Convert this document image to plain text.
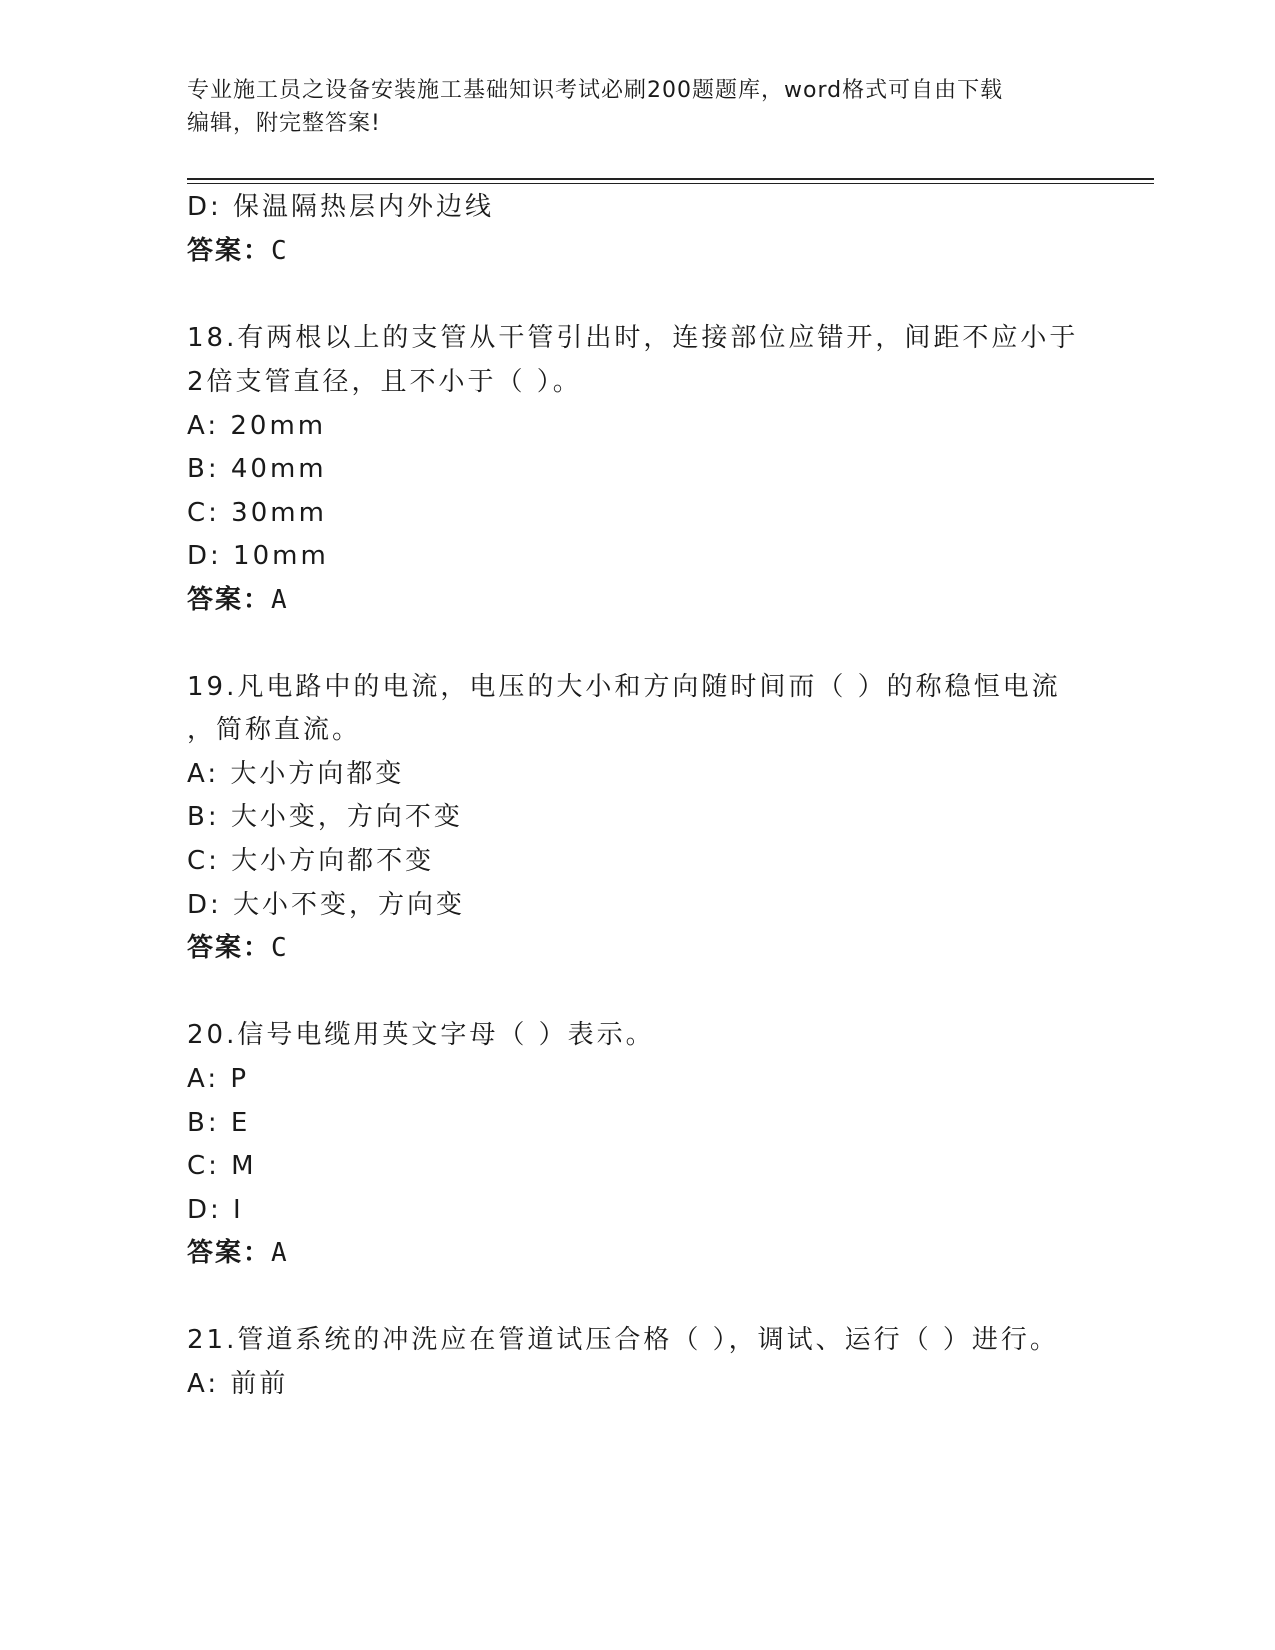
专业施工员之设备安装施工基础知识考试必刷200题题库，word格式可自由下载
编辑，附完整答案!
D: 保温隔热层内外边线
答案：C
18.有两根以上的支管从干管引出时，连接部位应错开，间距不应小于
2倍支管直径，且不小于（ ）。
A: 20mm
B: 40mm
C: 30mm
D: 10mm
答案：A
19.凡电路中的电流，电压的大小和方向随时间而（ ）的称稳恒电流
，简称直流。
A: 大小方向都变
B: 大小变，方向不变
C: 大小方向都不变
D: 大小不变，方向变
答案：C
20.信号电缆用英文字母（ ）表示。
A: P
B: E
C: M
D: I
答案：A
21.管道系统的冲洗应在管道试压合格（ ），调试、运行（ ）进行。
A: 前前
